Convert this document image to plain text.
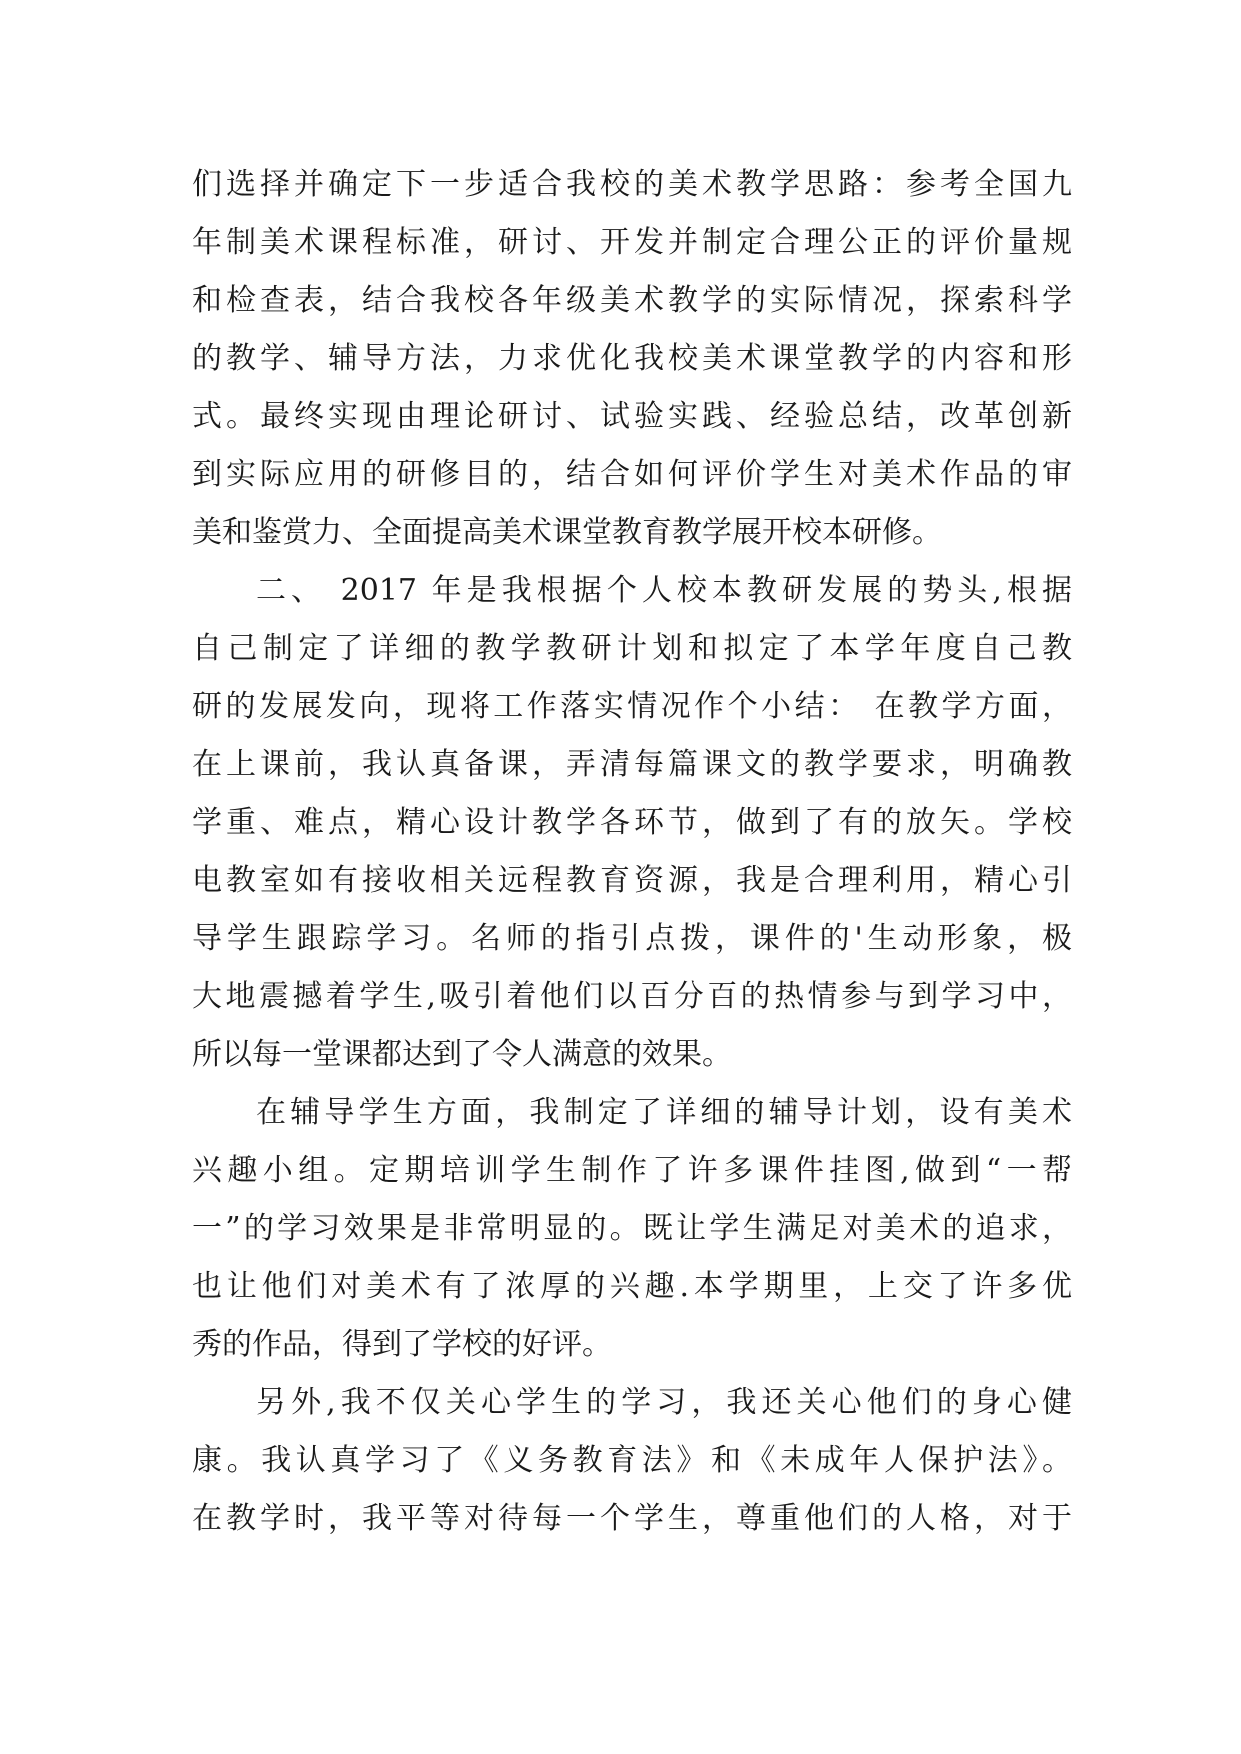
们选择并确定下一步适合我校的美术教学思路：参考全国九
年制美术课程标准，研讨、开发并制定合理公正的评价量规
和检查表，结合我校各年级美术教学的实际情况，探索科学
的教学、辅导方法，力求优化我校美术课堂教学的内容和形
式。最终实现由理论研讨、试验实践、经验总结，改革创新
到实际应用的研修目的，结合如何评价学生对美术作品的审
美和鉴赏力、全面提高美术课堂教育教学展开校本研修。
二、 2017 年是我根据个人校本教研发展的势头,根据
自己制定了详细的教学教研计划和拟定了本学年度自己教
研的发展发向，现将工作落实情况作个小结： 在教学方面，
在上课前，我认真备课，弄清每篇课文的教学要求，明确教
学重、难点，精心设计教学各环节，做到了有的放矢。学校
电教室如有接收相关远程教育资源，我是合理利用，精心引
导学生跟踪学习。名师的指引点拨，课件的'生动形象，极
大地震撼着学生,吸引着他们以百分百的热情参与到学习中，
所以每一堂课都达到了令人满意的效果。
在辅导学生方面，我制定了详细的辅导计划，设有美术
兴趣小组。定期培训学生制作了许多课件挂图,做到“一帮
一”的学习效果是非常明显的。既让学生满足对美术的追求，
也让他们对美术有了浓厚的兴趣.本学期里，上交了许多优
秀的作品，得到了学校的好评。
另外,我不仅关心学生的学习，我还关心他们的身心健
康。我认真学习了《义务教育法》和《未成年人保护法》。
在教学时，我平等对待每一个学生，尊重他们的人格，对于
